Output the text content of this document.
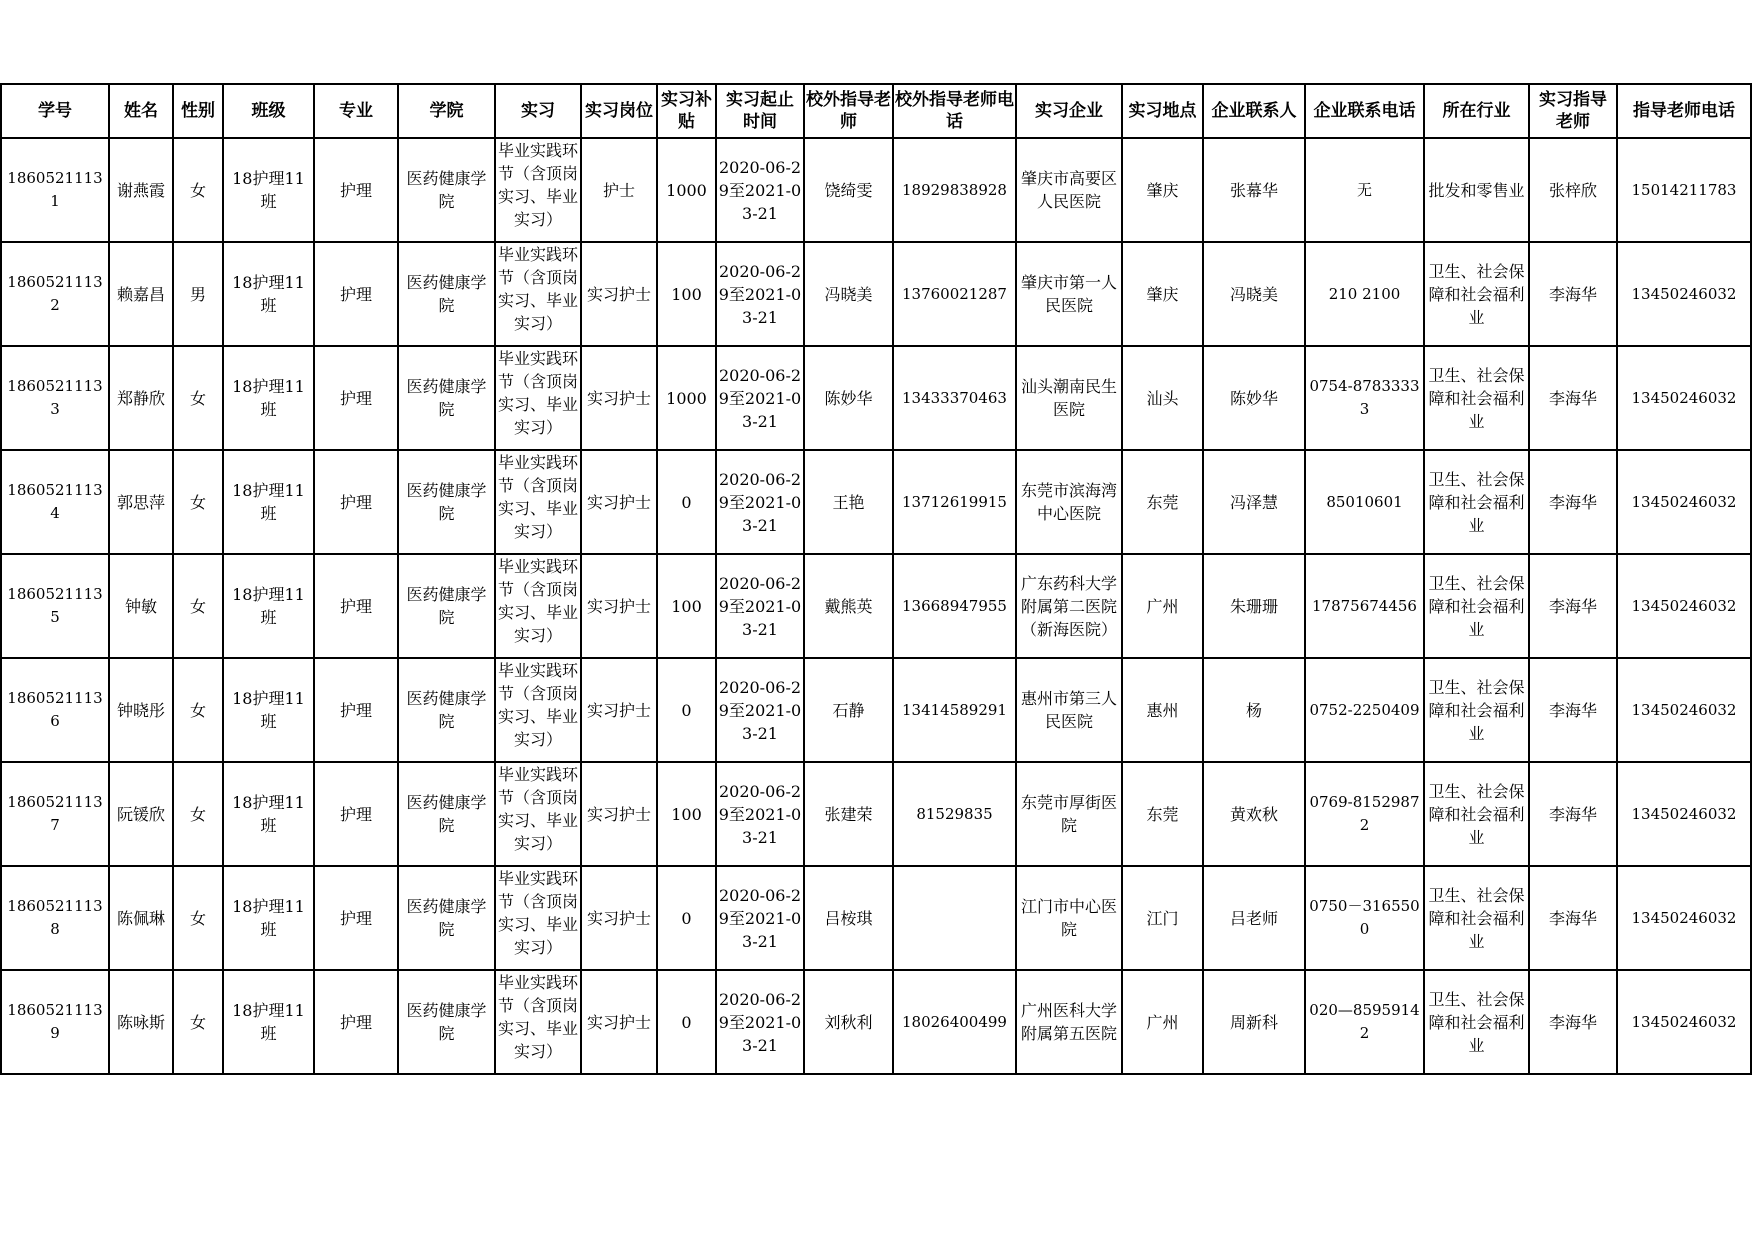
学号	姓名	性别	班级	专业	学院	实习	实习岗位	实习补贴	实习起止时间	校外指导老师	校外指导老师电话	实习企业	实习地点	企业联系人	企业联系电话	所在行业	实习指导老师	指导老师电话
18605211131	谢燕霞	女	18护理11班	护理	医药健康学院	毕业实践环节（含顶岗实习、毕业实习）	护士	1000	2020-06-29至2021-03-21	饶绮雯	18929838928	肇庆市高要区人民医院	肇庆	张幕华	无	批发和零售业	张梓欣	15014211783
18605211132	赖嘉昌	男	18护理11班	护理	医药健康学院	毕业实践环节（含顶岗实习、毕业实习）	实习护士	100	2020-06-29至2021-03-21	冯晓美	13760021287	肇庆市第一人民医院	肇庆	冯晓美	210 2100	卫生、社会保障和社会福利业	李海华	13450246032
18605211133	郑静欣	女	18护理11班	护理	医药健康学院	毕业实践环节（含顶岗实习、毕业实习）	实习护士	1000	2020-06-29至2021-03-21	陈妙华	13433370463	汕头潮南民生医院	汕头	陈妙华	0754-87833333	卫生、社会保障和社会福利业	李海华	13450246032
18605211134	郭思萍	女	18护理11班	护理	医药健康学院	毕业实践环节（含顶岗实习、毕业实习）	实习护士	0	2020-06-29至2021-03-21	王艳	13712619915	东莞市滨海湾中心医院	东莞	冯泽慧	85010601	卫生、社会保障和社会福利业	李海华	13450246032
18605211135	钟敏	女	18护理11班	护理	医药健康学院	毕业实践环节（含顶岗实习、毕业实习）	实习护士	100	2020-06-29至2021-03-21	戴熊英	13668947955	广东药科大学附属第二医院（新海医院）	广州	朱珊珊	17875674456	卫生、社会保障和社会福利业	李海华	13450246032
18605211136	钟晓彤	女	18护理11班	护理	医药健康学院	毕业实践环节（含顶岗实习、毕业实习）	实习护士	0	2020-06-29至2021-03-21	石静	13414589291	惠州市第三人民医院	惠州	杨	0752-2250409	卫生、社会保障和社会福利业	李海华	13450246032
18605211137	阮锾欣	女	18护理11班	护理	医药健康学院	毕业实践环节（含顶岗实习、毕业实习）	实习护士	100	2020-06-29至2021-03-21	张建荣	81529835	东莞市厚街医院	东莞	黄欢秋	0769-81529872	卫生、社会保障和社会福利业	李海华	13450246032
18605211138	陈佩琳	女	18护理11班	护理	医药健康学院	毕业实践环节（含顶岗实习、毕业实习）	实习护士	0	2020-06-29至2021-03-21	吕桉琪		江门市中心医院	江门	吕老师	0750－3165500	卫生、社会保障和社会福利业	李海华	13450246032
18605211139	陈咏斯	女	18护理11班	护理	医药健康学院	毕业实践环节（含顶岗实习、毕业实习）	实习护士	0	2020-06-29至2021-03-21	刘秋利	18026400499	广州医科大学附属第五医院	广州	周新科	020—85959142	卫生、社会保障和社会福利业	李海华	13450246032
